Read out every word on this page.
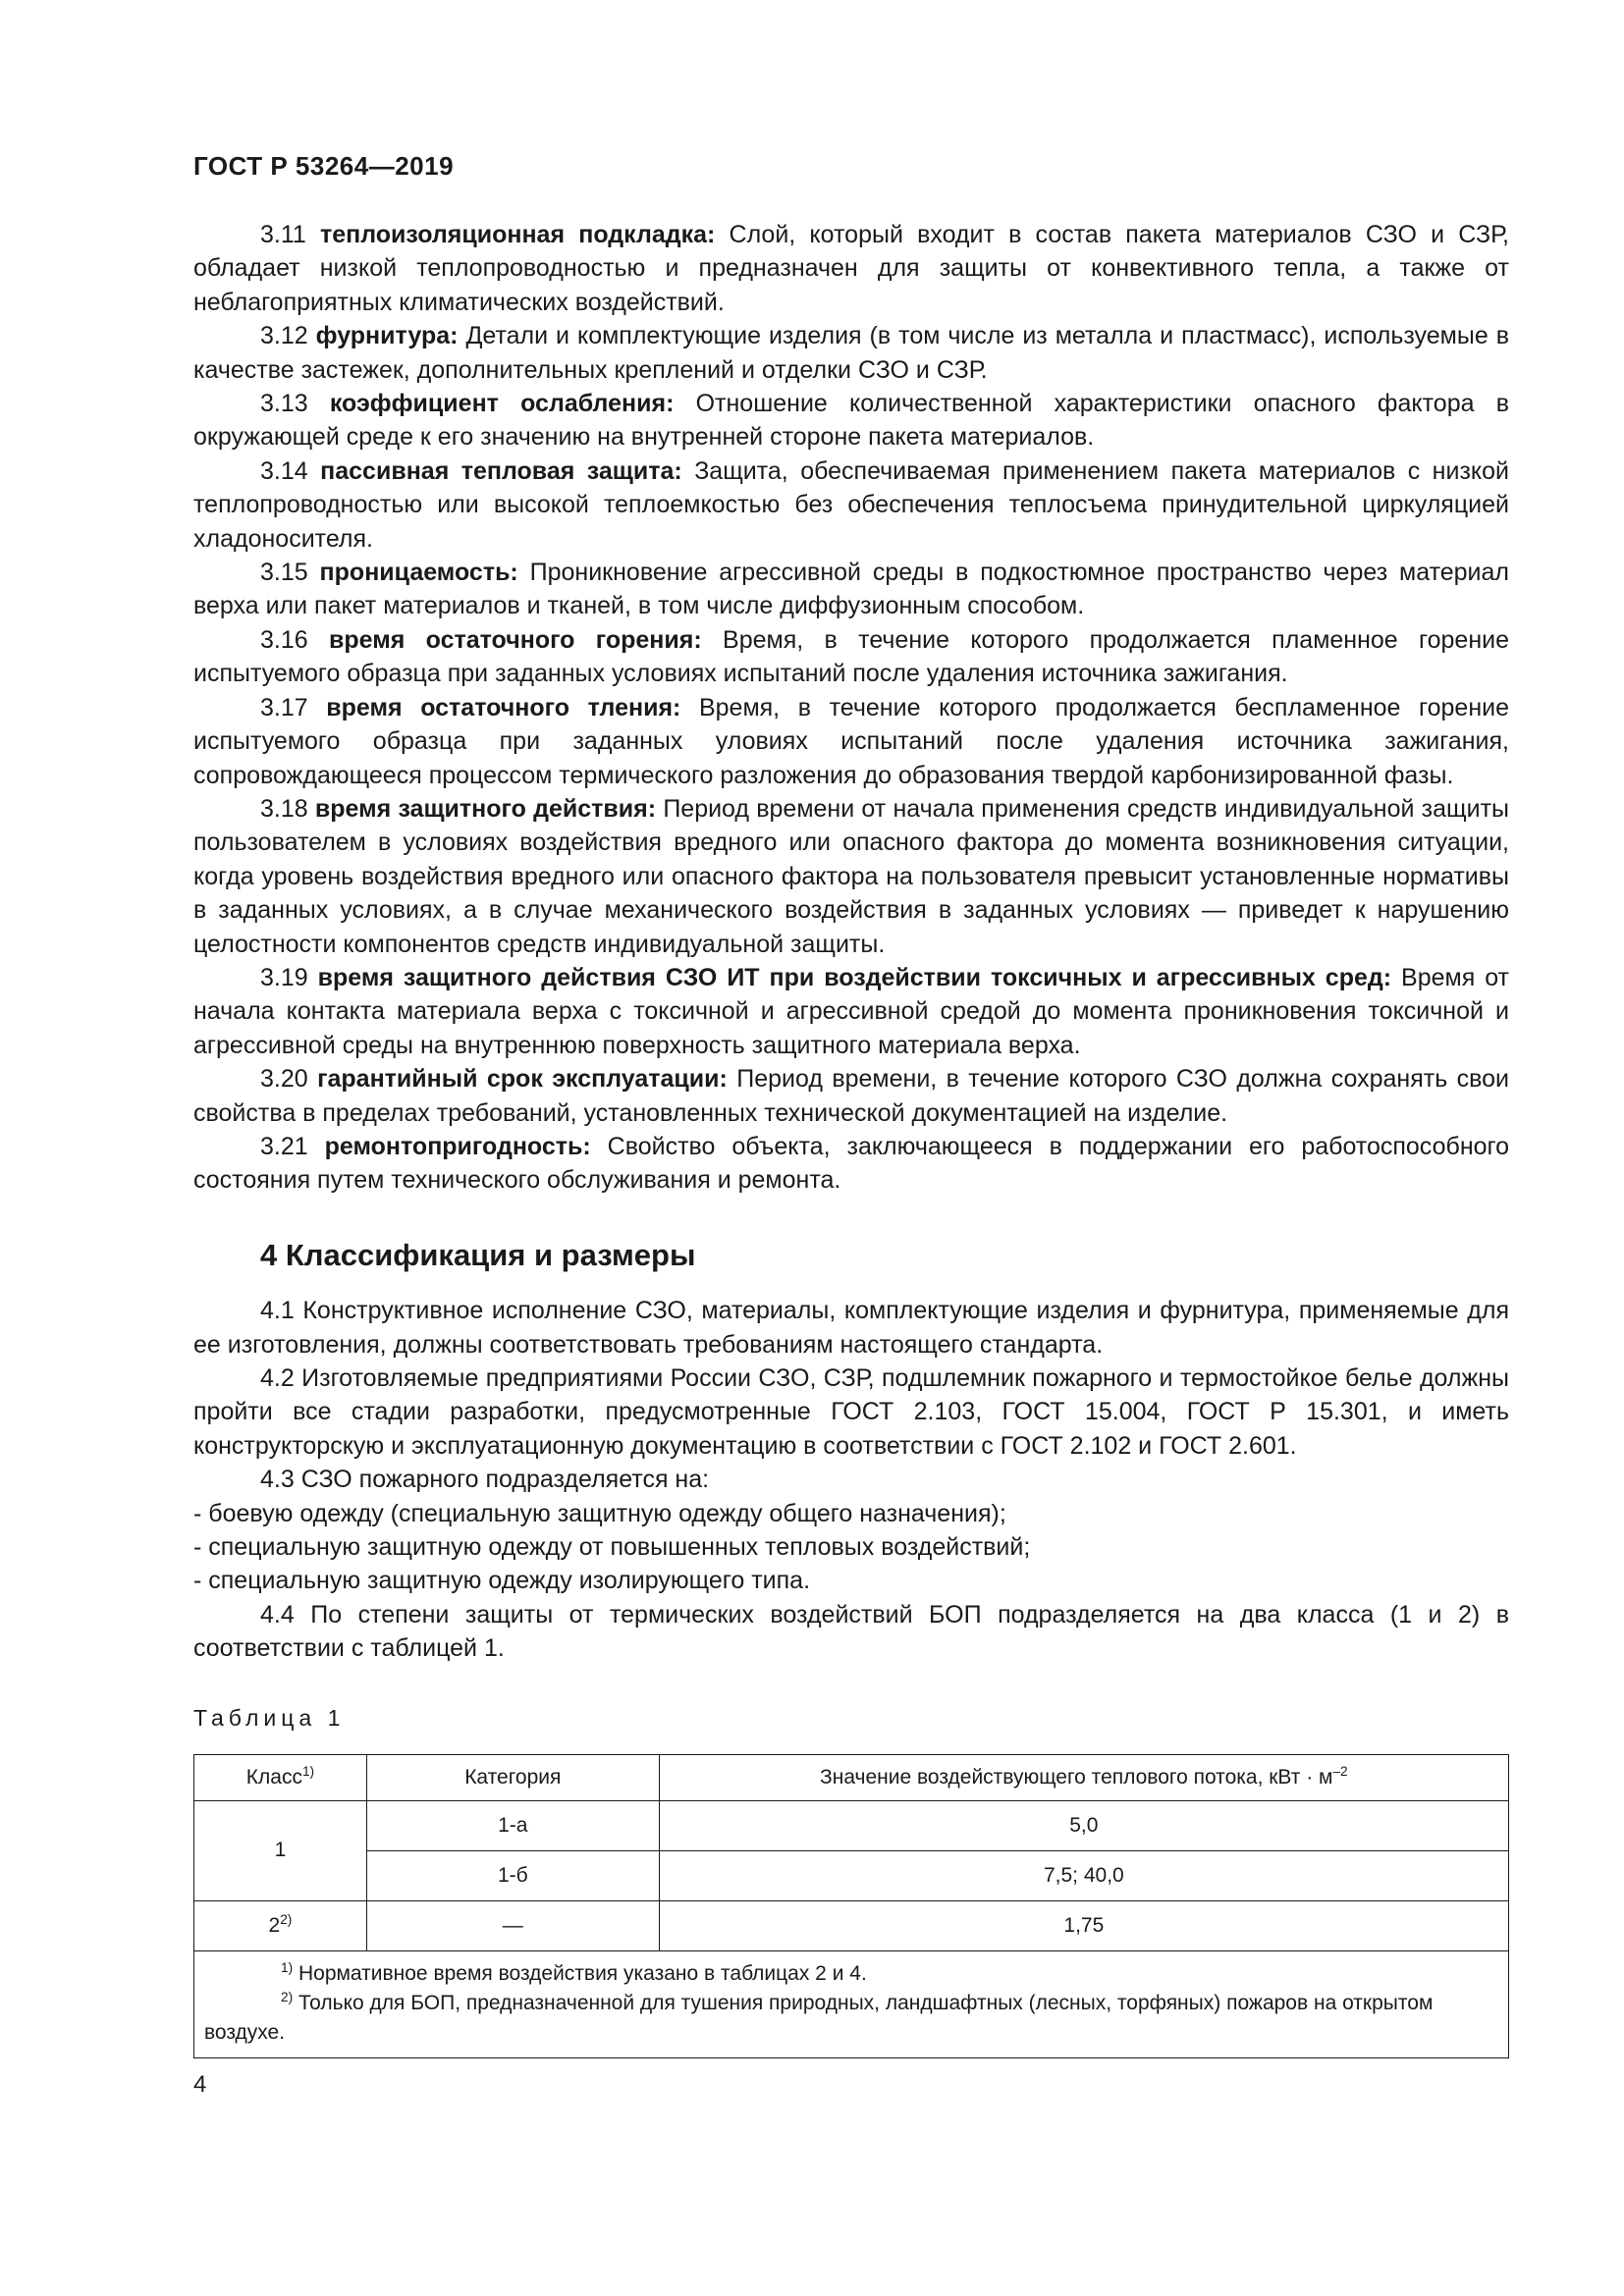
ГОСТ Р 53264—2019

3.11 теплоизоляционная подкладка: Слой, который входит в состав пакета материалов СЗО и СЗР, обладает низкой теплопроводностью и предназначен для защиты от конвективного тепла, а также от неблагоприятных климатических воздействий.

3.12 фурнитура: Детали и комплектующие изделия (в том числе из металла и пластмасс), используемые в качестве застежек, дополнительных креплений и отделки СЗО и СЗР.

3.13 коэффициент ослабления: Отношение количественной характеристики опасного фактора в окружающей среде к его значению на внутренней стороне пакета материалов.

3.14 пассивная тепловая защита: Защита, обеспечиваемая применением пакета материалов с низкой теплопроводностью или высокой теплоемкостью без обеспечения теплосъема принудительной циркуляцией хладоносителя.

3.15 проницаемость: Проникновение агрессивной среды в подкостюмное пространство через материал верха или пакет материалов и тканей, в том числе диффузионным способом.

3.16 время остаточного горения: Время, в течение которого продолжается пламенное горение испытуемого образца при заданных условиях испытаний после удаления источника зажигания.

3.17 время остаточного тления: Время, в течение которого продолжается беспламенное горение испытуемого образца при заданных уловиях испытаний после удаления источника зажигания, сопровождающееся процессом термического разложения до образования твердой карбонизированной фазы.

3.18 время защитного действия: Период времени от начала применения средств индивидуальной защиты пользователем в условиях воздействия вредного или опасного фактора до момента возникновения ситуации, когда уровень воздействия вредного или опасного фактора на пользователя превысит установленные нормативы в заданных условиях, а в случае механического воздействия в заданных условиях — приведет к нарушению целостности компонентов средств индивидуальной защиты.

3.19 время защитного действия СЗО ИТ при воздействии токсичных и агрессивных сред: Время от начала контакта материала верха с токсичной и агрессивной средой до момента проникновения токсичной и агрессивной среды на внутреннюю поверхность защитного материала верха.

3.20 гарантийный срок эксплуатации: Период времени, в течение которого СЗО должна сохранять свои свойства в пределах требований, установленных технической документацией на изделие.

3.21 ремонтопригодность: Свойство объекта, заключающееся в поддержании его работоспособного состояния путем технического обслуживания и ремонта.

4 Классификация и размеры

4.1 Конструктивное исполнение СЗО, материалы, комплектующие изделия и фурнитура, применяемые для ее изготовления, должны соответствовать требованиям настоящего стандарта.

4.2 Изготовляемые предприятиями России СЗО, СЗР, подшлемник пожарного и термостойкое белье должны пройти все стадии разработки, предусмотренные ГОСТ 2.103, ГОСТ 15.004, ГОСТ Р 15.301, и иметь конструкторскую и эксплуатационную документацию в соответствии с ГОСТ 2.102 и ГОСТ 2.601.

4.3 СЗО пожарного подразделяется на:

- боевую одежду (специальную защитную одежду общего назначения);

- специальную защитную одежду от повышенных тепловых воздействий;

- специальную защитную одежду изолирующего типа.

4.4 По степени защиты от термических воздействий БОП подразделяется на два класса (1 и 2) в соответствии с таблицей 1.

Таблица 1
Класс$^{1)}$	Категория	Значение воздействующего теплового потока, кВт · $м^{-2}$
1	1-а	5,0
	1-б	7,5; 40,0
2$^{2)}$	—	1,75

$^{1)}$ Нормативное время воздействия указано в таблицах 2 и 4.

$^{2)}$ Только для БОП, предназначенной для тушения природных, ландшафтных (лесных, торфяных) пожаров на открытом воздухе.		

4
